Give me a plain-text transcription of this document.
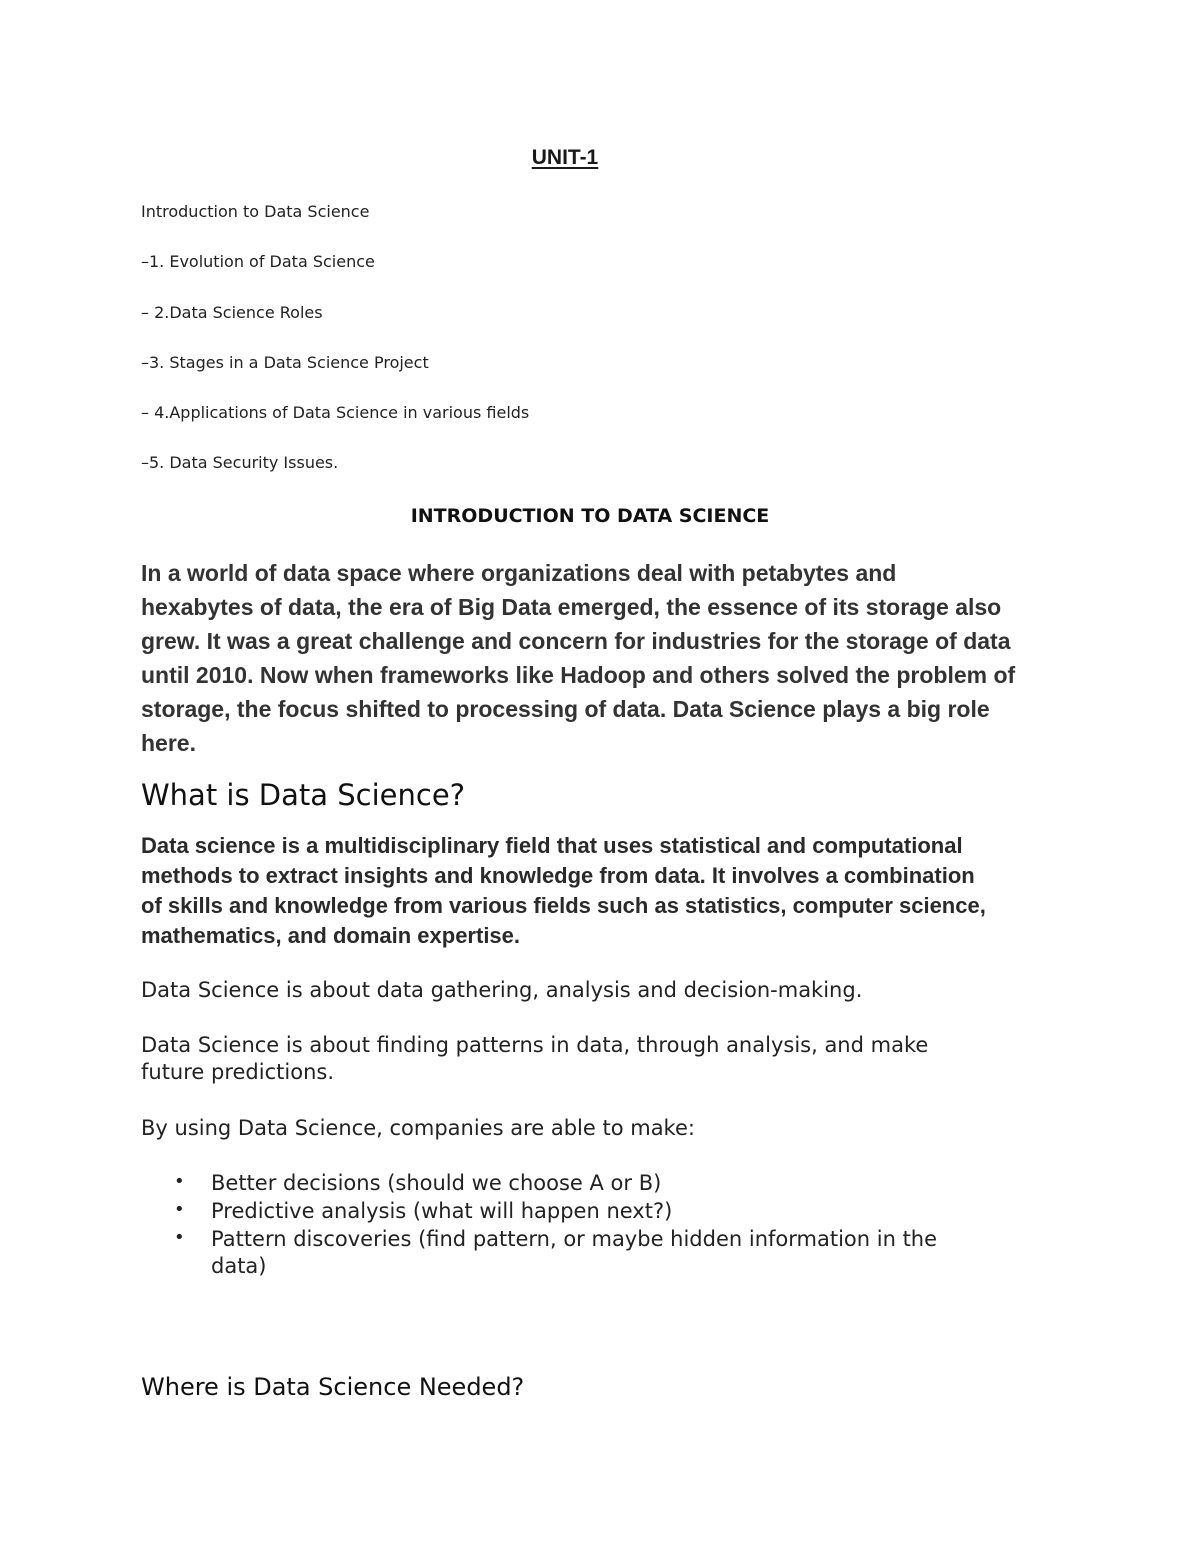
UNIT-1
Introduction to Data Science
–1. Evolution of Data Science
– 2.Data Science Roles
–3. Stages in a Data Science Project
– 4.Applications of Data Science in various fields
–5. Data Security Issues.
INTRODUCTION TO DATA SCIENCE
In a world of data space where organizations deal with petabytes and
hexabytes of data, the era of Big Data emerged, the essence of its storage also
grew. It was a great challenge and concern for industries for the storage of data
until 2010. Now when frameworks like Hadoop and others solved the problem of
storage, the focus shifted to processing of data. Data Science plays a big role
here.
What is Data Science?
Data science is a multidisciplinary field that uses statistical and computational
methods to extract insights and knowledge from data. It involves a combination
of skills and knowledge from various fields such as statistics, computer science,
mathematics, and domain expertise.
Data Science is about data gathering, analysis and decision-making.
Data Science is about finding patterns in data, through analysis, and make
future predictions.
By using Data Science, companies are able to make:
• Better decisions (should we choose A or B)
• Predictive analysis (what will happen next?)
• Pattern discoveries (find pattern, or maybe hidden information in the
data)
Where is Data Science Needed?
